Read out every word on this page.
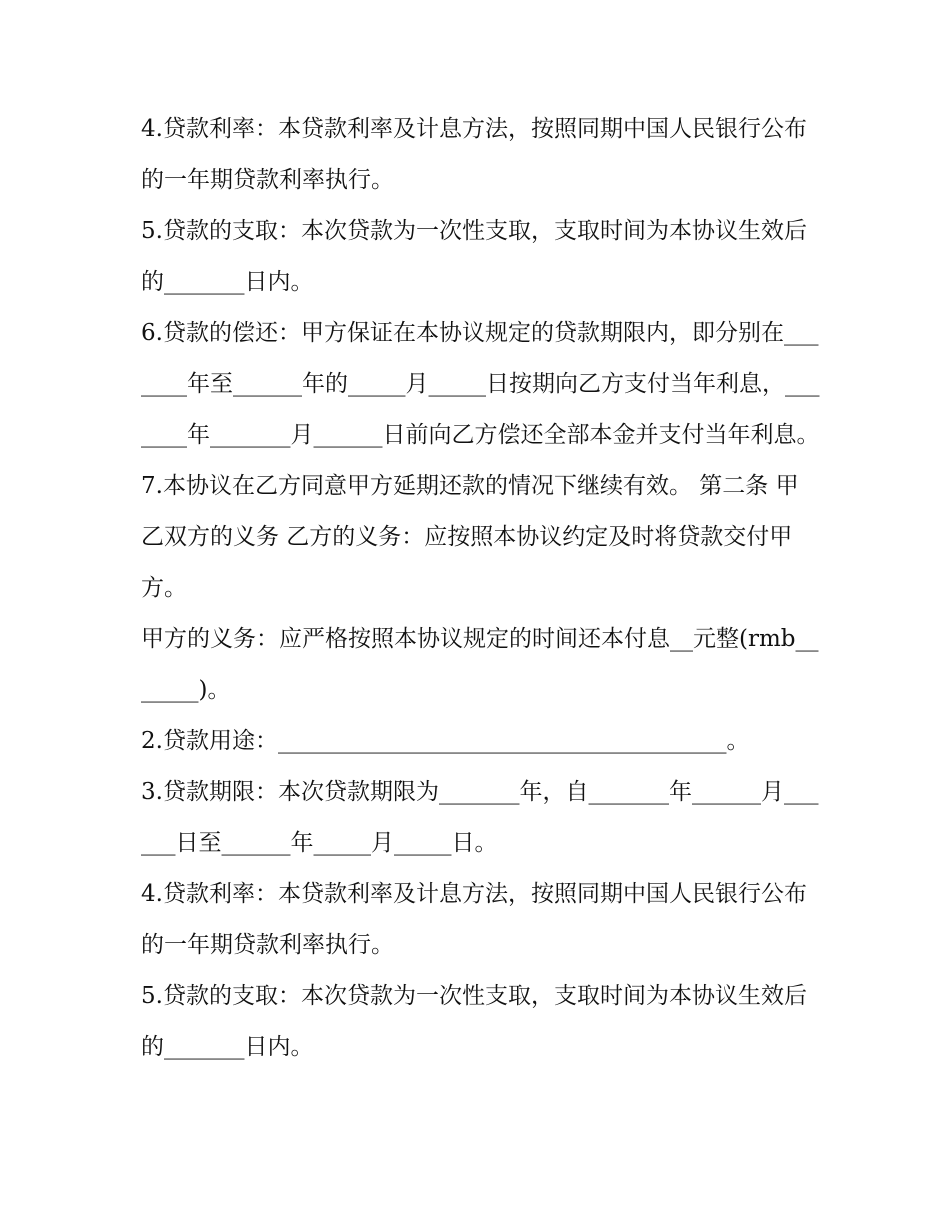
4.贷款利率：本贷款利率及计息方法，按照同期中国人民银行公布的一年期贷款利率执行。

5.贷款的支取：本次贷款为一次性支取，支取时间为本协议生效后的_______日内。

6.贷款的偿还：甲方保证在本协议规定的贷款期限内，即分别在_______年至______年的_____月_____日按期向乙方支付当年利息，_______年_______月______日前向乙方偿还全部本金并支付当年利息。

7.本协议在乙方同意甲方延期还款的情况下继续有效。 第二条 甲乙双方的义务 乙方的义务：应按照本协议约定及时将贷款交付甲方。

甲方的义务：应严格按照本协议规定的时间还本付息__元整(rmb_______)。

2.贷款用途：_______________________________________。

3.贷款期限：本次贷款期限为_______年，自_______年______月______日至______年_____月_____日。

4.贷款利率：本贷款利率及计息方法，按照同期中国人民银行公布的一年期贷款利率执行。

5.贷款的支取：本次贷款为一次性支取，支取时间为本协议生效后的_______日内。
